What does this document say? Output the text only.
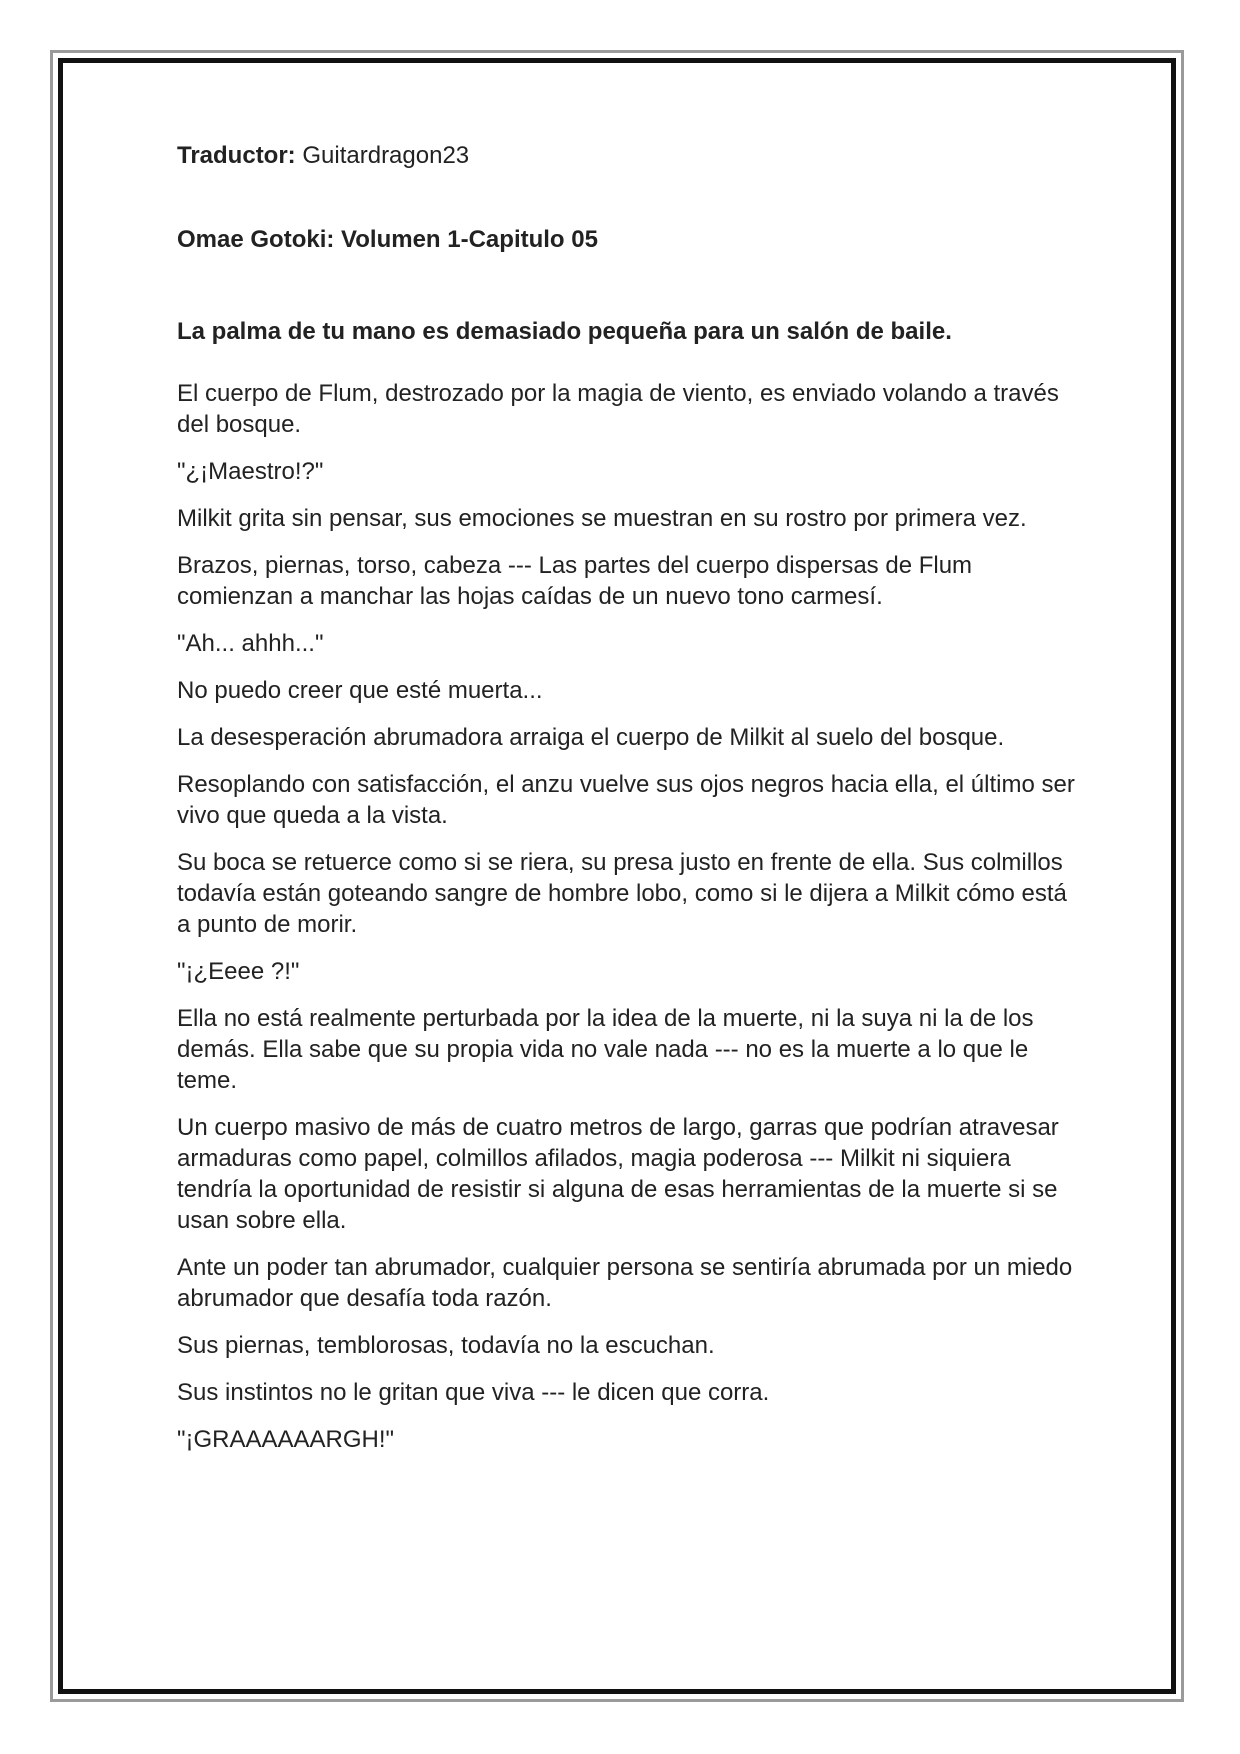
Traductor: Guitardragon23

Omae Gotoki: Volumen 1-Capitulo 05

La palma de tu mano es demasiado pequeña para un salón de baile.

El cuerpo de Flum, destrozado por la magia de viento, es enviado volando a través del bosque.

"¿¡Maestro!?"

Milkit grita sin pensar, sus emociones se muestran en su rostro por primera vez.

Brazos, piernas, torso, cabeza --- Las partes del cuerpo dispersas de Flum comienzan a manchar las hojas caídas de un nuevo tono carmesí.

"Ah... ahhh..."

No puedo creer que esté muerta...

La desesperación abrumadora arraiga el cuerpo de Milkit al suelo del bosque.

Resoplando con satisfacción, el anzu vuelve sus ojos negros hacia ella, el último ser vivo que queda a la vista.

Su boca se retuerce como si se riera, su presa justo en frente de ella. Sus colmillos todavía están goteando sangre de hombre lobo, como si le dijera a Milkit cómo está a punto de morir.

"¡¿Eeee ?!"

Ella no está realmente perturbada por la idea de la muerte, ni la suya ni la de los demás. Ella sabe que su propia vida no vale nada --- no es la muerte a lo que le teme.

Un cuerpo masivo de más de cuatro metros de largo, garras que podrían atravesar armaduras como papel, colmillos afilados, magia poderosa --- Milkit ni siquiera tendría la oportunidad de resistir si alguna de esas herramientas de la muerte si se usan sobre ella.

Ante un poder tan abrumador, cualquier persona se sentiría abrumada por un miedo abrumador que desafía toda razón.

Sus piernas, temblorosas, todavía no la escuchan.

Sus instintos no le gritan que viva --- le dicen que corra.

"¡GRAAAAAARGH!"
